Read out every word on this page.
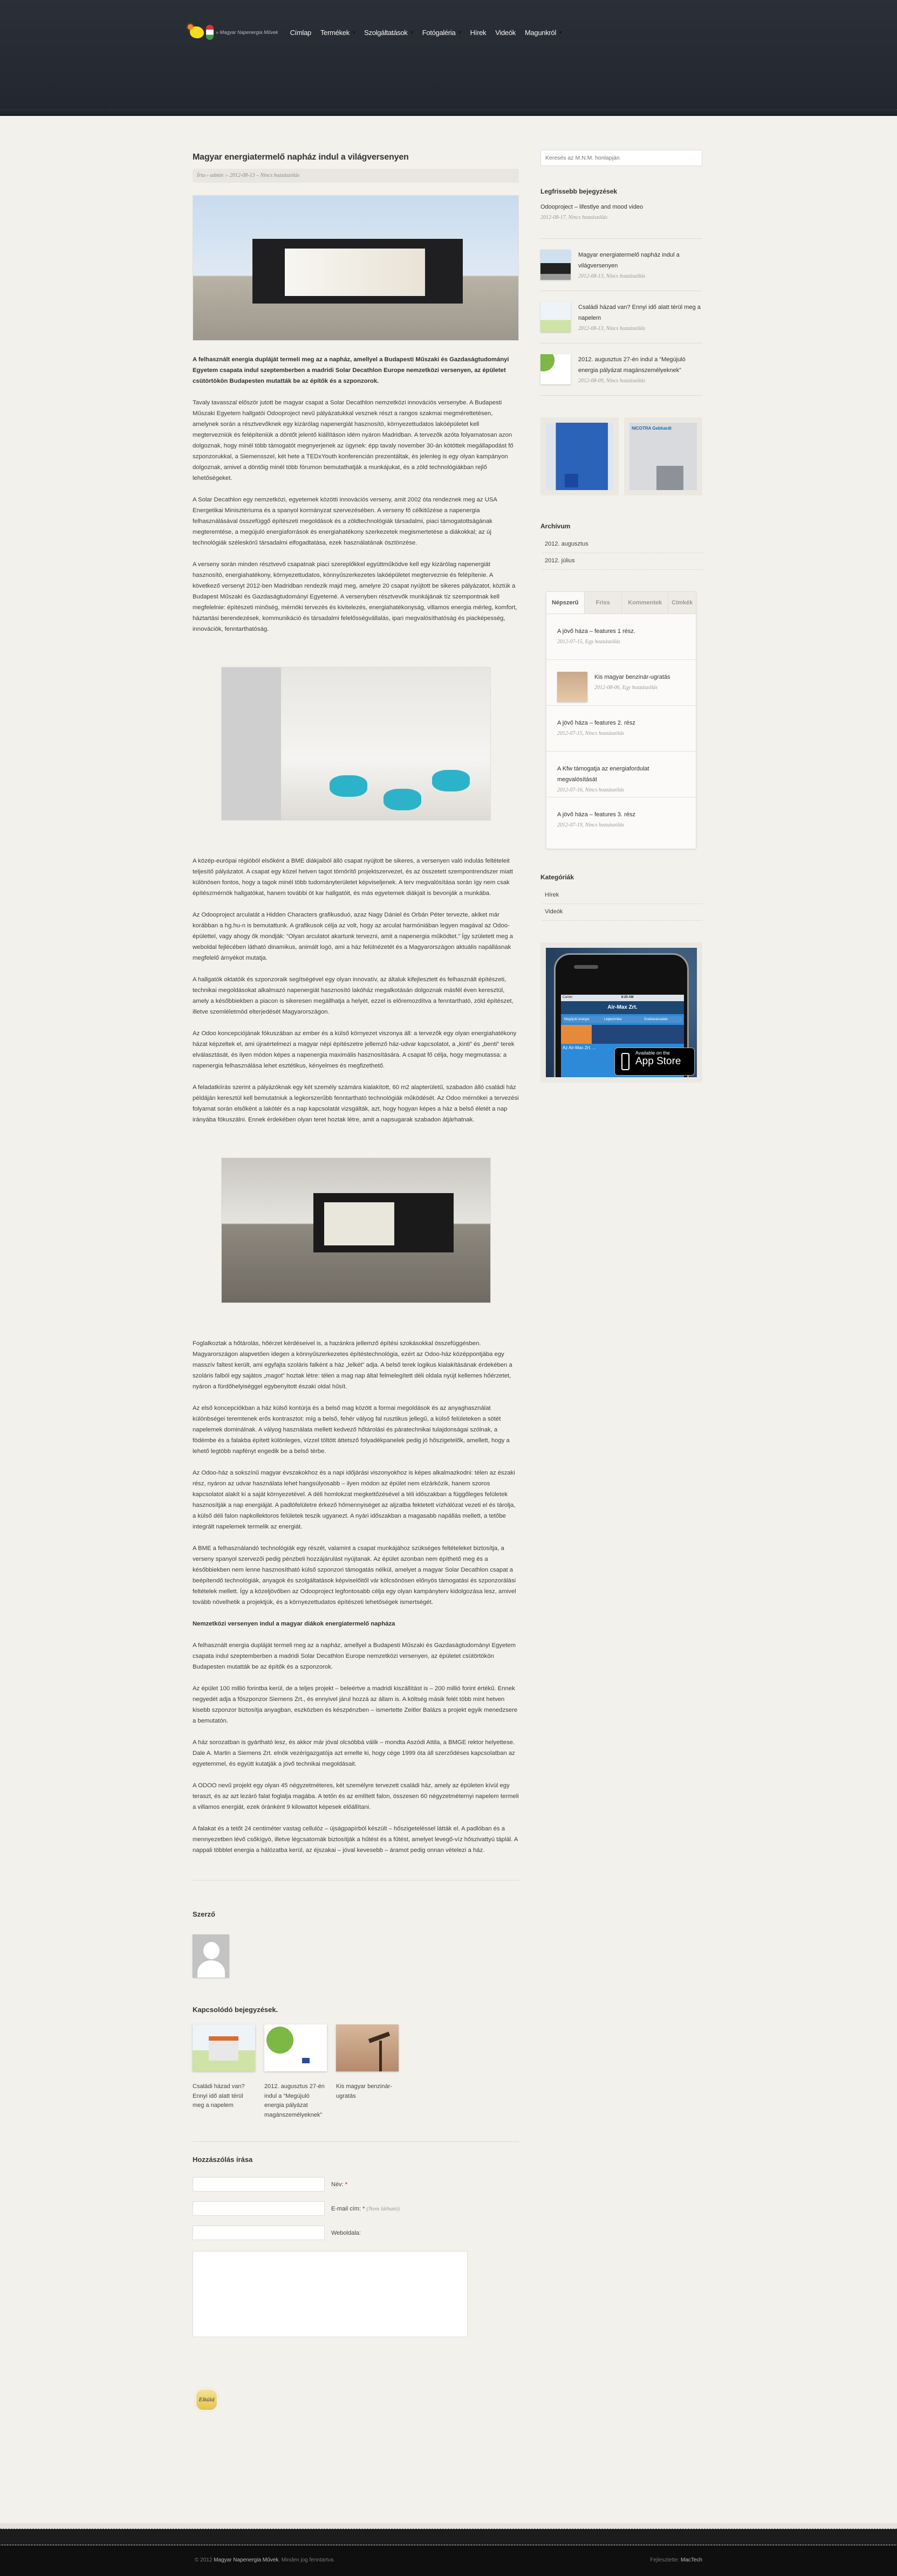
» Magyar Napenergia Művek Címlap Termékek ▾ Szolgáltatások ▾ Fotógaléria ▾ Hírek Videók Magunkról ▾
Magyar energiatermelő napház indul a világversenyen
Írta›› admin ›› 2012-08-13 – Nincs hozzászólás

A felhasznált energia dupláját termeli meg az a napház, amellyel a Budapesti Műszaki és Gazdaságtudományi Egyetem csapata indul szeptemberben a madridi Solar Decathlon Europe nemzetközi versenyen, az épületet csütörtökön Budapesten mutatták be az építők és a szponzorok.

Tavaly tavasszal először jutott be magyar csapat a Solar Decathlon nemzetközi innovációs versenybe. A Budapesti Műszaki Egyetem hallgatói Odooproject nevű pályázatukkal vesznek részt a rangos szakmai megmérettetésen, amelynek során a résztvevőknek egy kizárólag napenergiát hasznosító, környezettudatos lakóépületet kell megtervezniük és felépíteniük a döntőt jelentő kiállításon idém nyáron Madridban. A tervezők azóta folyamatosan azon dolgoznak, hogy minél több támogatót megnyerjenek az ügynek: épp tavaly november 30-án kötöttek megállapodást fő szponzorukkal, a Siemensszel, két hete a TEDxYouth konferencián prezentáltak, és jelenleg is egy olyan kampányon dolgoznak, amivel a döntőig minél több fórumon bemutathatják a munkájukat, és a zöld technológiákban rejlő lehetőségeket.

A Solar Decathlon egy nemzetközi, egyetemek közötti innovációs verseny, amit 2002 óta rendeznek meg az USA Energetikai Minisztériuma és a spanyol kormányzat szervezésében. A verseny fő célkitűzése a napenergia felhasználásával összefüggő építészeti megoldások és a zöldtechnológiák társadalmi, piaci támogatottságának megteremtése, a megújuló energiaforrások és energiahatékony szerkezetek megismertetése a diákokkal; az új technológiák széleskörű társadalmi elfogadtatása, ezek használatának ösztönzése.

A verseny során minden résztvevő csapatnak piaci szereplőkkel együttműködve kell egy kizárólag napenergiát hasznosító, energiahatékony, környezettudatos, könnyűszerkezetes lakóépületet megterveznie és felépítenie. A következő versenyt 2012-ben Madridban rendezik majd meg, amelyre 20 csapat nyújtott be sikeres pályázatot, köztük a Budapest Műszaki és Gazdaságtudományi Egyetemé. A versenyben résztvevők munkájának tíz szempontnak kell megfelelnie: építészeti minőség, mérnöki tervezés és kivitelezés, energiahatékonyság, villamos energia mérleg, komfort, háztartási berendezések, kommunikáció és társadalmi felelősségvállalás, ipari megvalósíthatóság és piacképesség, innovációk, fenntarthatóság.

A közép-európai régióból elsőként a BME diákjaiból álló csapat nyújtott be sikeres, a versenyen való indulás feltételeit teljesítő pályázatot. A csapat egy közel hetven tagot tömörítő projektszervezet, és az összetett szempontrendszer miatt különösen fontos, hogy a tagok minél több tudományterületet képviseljenek. A terv megvalósítása során így nem csak építészmérnök hallgatókat, hanem további öt kar hallgatóit, és más egyetemek diákjait is bevonják a munkába.

Az Odooproject arculatát a Hidden Characters grafikusduó, azaz Nagy Dániel és Orbán Péter tervezte, akiket már korábban a hg.hu-n is bemutattunk. A grafikusok célja az volt, hogy az arculat harmóniában legyen magával az Odoo-épülettel, vagy ahogy ők mondják: “Olyan arculatot akartunk tervezni, amit a napenergia működtet.” Így született meg a weboldal fejlécében látható dinamikus, animált logó, ami a ház felülnézetét és a Magyarországon aktuális napállásnak megfelelő árnyékot mutatja.

A hallgatók oktatóik és szponzoraik segítségével egy olyan innovatív, az általuk kifejlesztett és felhasznált építészeti, technikai megoldásokat alkalmazó napenergiát hasznosító lakóház megalkotásán dolgoznak másfél éven keresztül, amely a későbbiekben a piacon is sikeresen megállhatja a helyét, ezzel is előremozdítva a fenntartható, zöld építészet, illetve szemléletmód elterjedését Magyarországon.

Az Odoo koncepciójának fókuszában az ember és a külső környezet viszonya áll: a tervezők egy olyan energiahatékony házat képzeltek el, ami újraértelmezi a magyar népi építészetre jellemző ház-udvar kapcsolatot, a „kinti” és „benti” terek elválasztását, és ilyen módon képes a napenergia maximális hasznosítására. A csapat fő célja, hogy megmutassa: a napenergia felhasználása lehet esztétikus, kényelmes és megfizethető.

A feladatkiírás szerint a pályázóknak egy két személy számára kialakított, 60 m2 alapterületű, szabadon álló családi ház példáján keresztül kell bemutatniuk a legkorszerűbb fenntartható technológiák működését. Az Odoo mérnökei a tervezési folyamat során elsőként a lakótér és a nap kapcsolatát vizsgálták, azt, hogy hogyan képes a ház a belső életét a nap irányába fókuszálni. Ennek érdekében olyan teret hoztak létre, amit a napsugarak szabadon átjárhatnak.

Foglalkoztak a hőtárolás, hőérzet kérdéseivel is, a hazánkra jellemző építési szokásokkal összefüggésben. Magyarországon alapvetően idegen a könnyűszerkezetes építéstechnológia, ezért az Odoo-ház középpontjába egy masszív faltest került, ami egyfajta szoláris falként a ház „lelkét” adja. A belső terek logikus kialakításának érdekében a szoláris falból egy sajátos „magot” hoztak létre: télen a mag nap által felmelegített déli oldala nyújt kellemes hőérzetet, nyáron a fürdőhelyiséggel egybenyitott északi oldal hűsít.

Az első koncepciókban a ház külső kontúrja és a belső mag között a formai megoldások és az anyaghasználat különbségei teremtenek erős kontrasztot: míg a belső, fehér vályog fal rusztikus jellegű, a külső felületeken a sötét napelemek dominálnak. A vályog használata mellett kedvező hőtárolási és páratechnikai tulajdonságai szólnak, a födémbe és a falakba épített különleges, vízzel töltött áttetsző folyadékpanelek pedig jó hőszigetelők, amellett, hogy a lehető legtöbb napfényt engedik be a belső térbe.

Az Odoo-ház a sokszínű magyar évszakokhoz és a napi időjárási viszonyokhoz is képes alkalmazkodni: télen az északi rész, nyáron az udvar használata lehet hangsúlyosabb – ilyen módon az épület nem elzárkózik, hanem szoros kapcsolatot alakít ki a saját környezetével. A déli homlokzat megkettőzésével a téli időszakban a függőleges felületek hasznosítják a nap energiáját. A padlófelületre érkező hőmennyiséget az aljzatba fektetett vízhálózat vezeti el és tárolja, a külső déli falon napkollektoros felületek teszik ugyanezt. A nyári időszakban a magasabb napállás mellett, a tetőbe integrált napelemek termelik az energiát.

A BME a felhasználandó technológiák egy részét, valamint a csapat munkájához szükséges feltételeket biztosítja, a verseny spanyol szervezői pedig pénzbeli hozzájárulást nyújtanak. Az épület azonban nem építhető meg és a későbbiekben nem lenne hasznosítható külső szponzori támogatás nélkül, amelyet a magyar Solar Decathlon csapat a beépítendő technológiák, anyagok és szolgáltatások képviselőitől vár kölcsönösen előnyös támogatási és szponzorálási feltételek mellett. Így a közeljövőben az Odooproject legfontosabb célja egy olyan kampányterv kidolgozása lesz, amivel tovább növelhetik a projektjük, és a környezettudatos építészeti lehetőségek ismertségét.

Nemzetközi versenyen indul a magyar diákok energiatermelő napháza

A felhasznált energia dupláját termeli meg az a napház, amellyel a Budapesti Műszaki és Gazdaságtudományi Egyetem csapata indul szeptemberben a madridi Solar Decathlon Europe nemzetközi versenyen, az épületet csütörtökön Budapesten mutatták be az építők és a szponzorok.

Az épület 100 millió forintba kerül, de a teljes projekt – beleértve a madridi kiszállítást is – 200 millió forint értékű. Ennek negyedét adja a főszponzor Siemens Zrt., és ennyivel járul hozzá az állam is. A költség másik felét több mint hetven kisebb szponzor biztosítja anyagban, eszközben és készpénzben – ismertette Zeitler Balázs a projekt egyik menedzsere a bemutatón.

A ház sorozatban is gyártható lesz, és akkor már jóval olcsóbbá válik – mondta Aszódi Attila, a BMGE rektor helyettese. Dale A. Martin a Siemens Zrt. elnök vezérigazgatója azt emelte ki, hogy cége 1999 óta áll szerződéses kapcsolatban az egyetemmel, és együtt kutatják a jövő technikai megoldásait.

A ODOO nevű projekt egy olyan 45 négyzetméteres, két személyre tervezett családi ház, amely az épületen kívül egy teraszt, és az azt lezáró falat foglalja magába. A tetőn és az említett falon, összesen 60 négyzetméternyi napelem termeli a villamos energiát, ezek óránként 9 kilowattot képesek előállítani.

A falakat és a tetőt 24 centiméter vastag cellulóz – újságpapírból készült – hőszigeteléssel látták el. A padlóban és a mennyezetben lévő csőkígyó, illetve légcsatornák biztosítják a hűtést és a fűtést, amelyet levegő-víz hőszivattyú táplál. A nappali többlet energia a hálózatba kerül, az éjszakai – jóval kevesebb – áramot pedig onnan vételezi a ház.

Szerző
Kapcsolódó bejegyzések.
Családi házad van? Ennyi idő alatt térül meg a napelem
2012. augusztus 27-én indul a “Megújuló energia pályázat magánszemélyeknek”
Kis magyar benzinár-ugratás
Hozzászólás írása
Név: *
E-mail cím: * (Nem látható)
Weboldala:
Elküld
Keresés az M.N.M. honlapján
Legfrissebb bejegyzések
Odooproject – lifestlye and mood video
2012-08-17, Nincs hozzászólás
Magyar energiatermelő napház indul a világversenyen
2012-08-13, Nincs hozzászólás
Családi házad van? Ennyi idő alatt térül meg a napelem
2012-08-13, Nincs hozzászólás
2012. augusztus 27-én indul a “Megújuló energia pályázat magánszemélyeknek”
2012-08-09, Nincs hozzászólás
NICOTRA Gebhardt
Archívum
2012. augusztus
2012. július
Népszerű	Friss	Kommentek	Címkék
A jövő háza – features 1 rész.
2012-07-15, Egy hozzászólás
Kis magyar benzinár-ugratás
2012-08-06, Egy hozzászólás
A jövő háza – features 2. rész
2012-07-15, Nincs hozzászólás
A Kfw támogatja az energiafordulat megvalósítását
2012-07-16, Nincs hozzászólás
A jövő háza – features 3. rész
2012-07-19, Nincs hozzászólás
Kategóriák
Hírek
Videók
Carrier	8:25 AM
Air-Max Zrt.
Megújuló energia	Légtechnika	Szaktanácsadás
Az Air-Max Zrt. ...
Available on the
App Store
© 2012 Magyar Napenergia Művek. Minden jog fenntartva.	Fejlesztette: MacTech
